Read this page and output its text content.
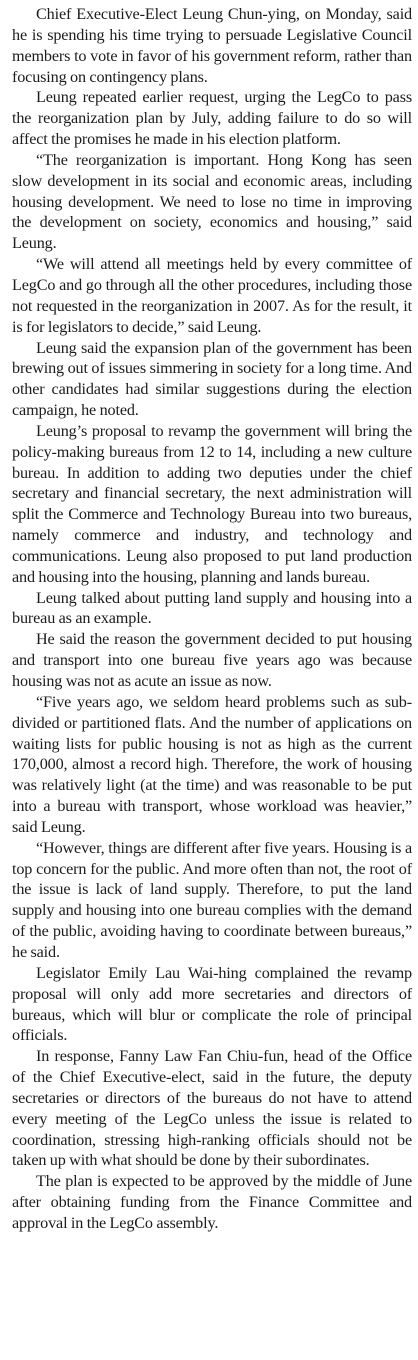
Chief Executive-Elect Leung Chun-ying, on Monday, said he is spending his time trying to persuade Legislative Council members to vote in favor of his government reform, rather than focusing on contingency plans.

Leung repeated earlier request, urging the LegCo to pass the reorganization plan by July, adding failure to do so will affect the promises he made in his election platform.

“The reorganization is important. Hong Kong has seen slow development in its social and economic areas, including housing development. We need to lose no time in improving the development on society, economics and housing,” said Leung.

“We will attend all meetings held by every committee of LegCo and go through all the other procedures, including those not requested in the reorganization in 2007. As for the result, it is for legislators to decide,” said Leung.

Leung said the expansion plan of the government has been brewing out of issues simmering in society for a long time. And other candidates had similar suggestions during the election campaign, he noted.

Leung’s proposal to revamp the government will bring the policy-making bureaus from 12 to 14, including a new culture bureau. In addition to adding two deputies under the chief secretary and financial secretary, the next administration will split the Commerce and Technology Bureau into two bureaus, namely commerce and industry, and technology and communications. Leung also proposed to put land production and housing into the housing, planning and lands bureau.

Leung talked about putting land supply and housing into a bureau as an example.

He said the reason the government decided to put housing and transport into one bureau five years ago was because housing was not as acute an issue as now.

“Five years ago, we seldom heard problems such as sub-divided or partitioned flats. And the number of applications on waiting lists for public housing is not as high as the current 170,000, almost a record high. Therefore, the work of housing was relatively light (at the time) and was reasonable to be put into a bureau with transport, whose workload was heavier,” said Leung.

“However, things are different after five years. Housing is a top concern for the public. And more often than not, the root of the issue is lack of land supply. Therefore, to put the land supply and housing into one bureau complies with the demand of the public, avoiding having to coordinate between bureaus,” he said.

Legislator Emily Lau Wai-hing complained the revamp proposal will only add more secretaries and directors of bureaus, which will blur or complicate the role of principal officials.

In response, Fanny Law Fan Chiu-fun, head of the Office of the Chief Executive-elect, said in the future, the deputy secretaries or directors of the bureaus do not have to attend every meeting of the LegCo unless the issue is related to coordination, stressing high-ranking officials should not be taken up with what should be done by their subordinates.

The plan is expected to be approved by the middle of June after obtaining funding from the Finance Committee and approval in the LegCo assembly.
